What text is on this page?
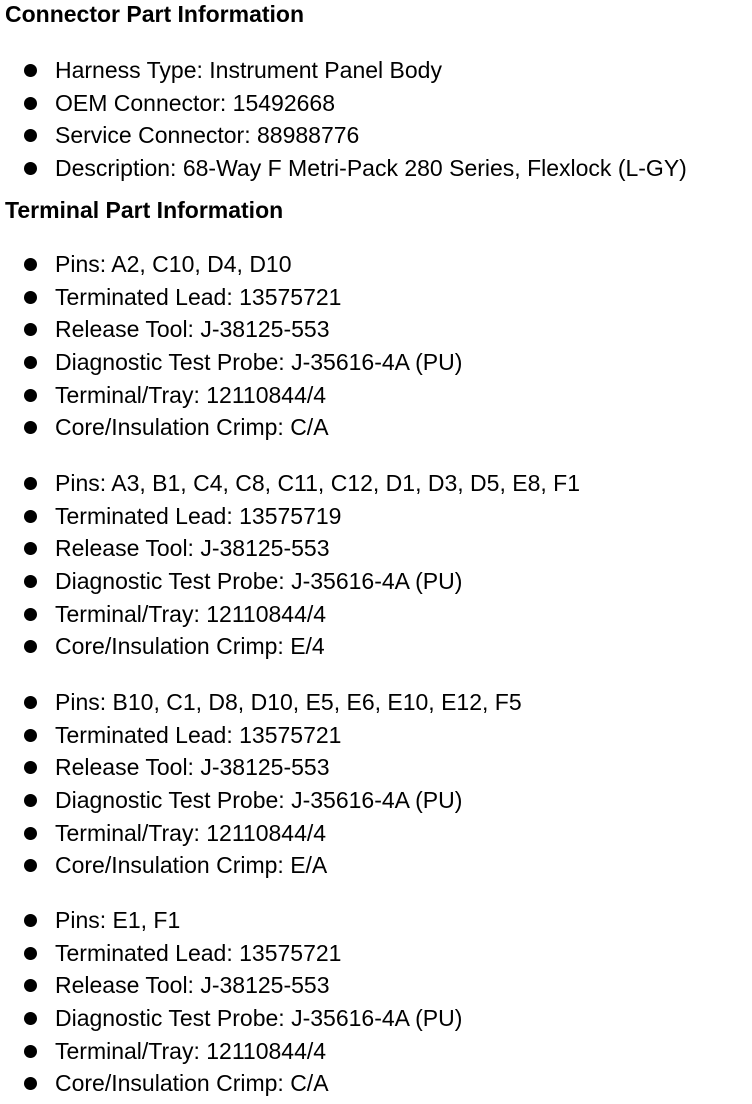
Connector Part Information
Harness Type: Instrument Panel Body
OEM Connector: 15492668
Service Connector: 88988776
Description: 68-Way F Metri-Pack 280 Series, Flexlock (L-GY)
Terminal Part Information
Pins: A2, C10, D4, D10
Terminated Lead: 13575721
Release Tool: J-38125-553
Diagnostic Test Probe: J-35616-4A (PU)
Terminal/Tray: 12110844/4
Core/Insulation Crimp: C/A
Pins: A3, B1, C4, C8, C11, C12, D1, D3, D5, E8, F1
Terminated Lead: 13575719
Release Tool: J-38125-553
Diagnostic Test Probe: J-35616-4A (PU)
Terminal/Tray: 12110844/4
Core/Insulation Crimp: E/4
Pins: B10, C1, D8, D10, E5, E6, E10, E12, F5
Terminated Lead: 13575721
Release Tool: J-38125-553
Diagnostic Test Probe: J-35616-4A (PU)
Terminal/Tray: 12110844/4
Core/Insulation Crimp: E/A
Pins: E1, F1
Terminated Lead: 13575721
Release Tool: J-38125-553
Diagnostic Test Probe: J-35616-4A (PU)
Terminal/Tray: 12110844/4
Core/Insulation Crimp: C/A
